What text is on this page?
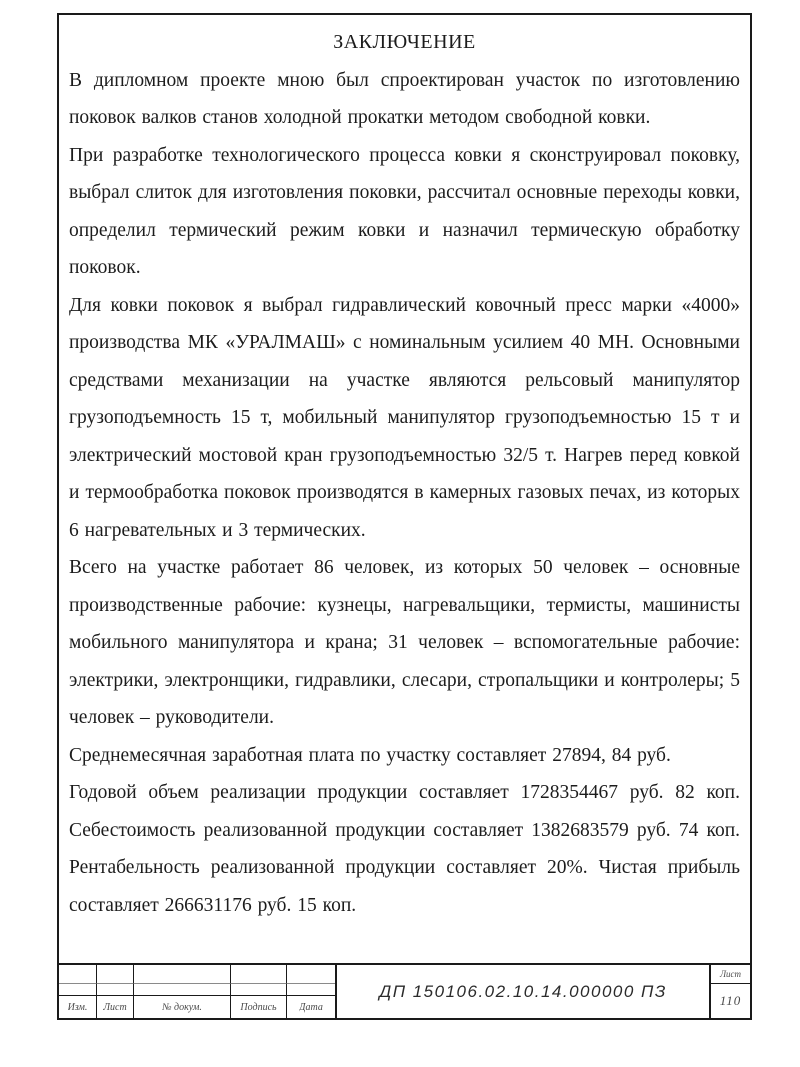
ЗАКЛЮЧЕНИЕ

В дипломном проекте мною был спроектирован участок по изготовлению поковок валков станов холодной прокатки методом свободной ковки.

При разработке технологического процесса ковки я сконструировал поковку, выбрал слиток для изготовления поковки, рассчитал основные переходы ковки, определил термический режим ковки и назначил термическую обработку поковок.

Для ковки поковок я выбрал гидравлический ковочный пресс марки «4000» производства МК «УРАЛМАШ» с номинальным усилием 40 МН. Основными средствами механизации на участке являются рельсовый манипулятор грузоподъемность 15 т, мобильный манипулятор грузоподъемностью 15 т и электрический мостовой кран грузоподъемностью 32/5 т. Нагрев перед ковкой и термообработка поковок производятся в камерных газовых печах, из которых 6 нагревательных и 3 термических.

Всего на участке работает 86 человек, из которых 50 человек – основные производственные рабочие: кузнецы, нагревальщики, термисты, машинисты мобильного манипулятора и крана; 31 человек – вспомогательные рабочие: электрики, электронщики, гидравлики, слесари, стропальщики и контролеры; 5 человек – руководители.

Среднемесячная заработная плата по участку составляет 27894, 84 руб.

Годовой объем реализации продукции составляет 1728354467 руб. 82 коп. Себестоимость реализованной продукции составляет 1382683579 руб. 74 коп. Рентабельность реализованной продукции составляет 20%. Чистая прибыль составляет 266631176 руб. 15 коп.

Изм. Лист	№ докум.	Подпись Дата
ДП 150106.02.10.14.000000 ПЗ
Лист
110
